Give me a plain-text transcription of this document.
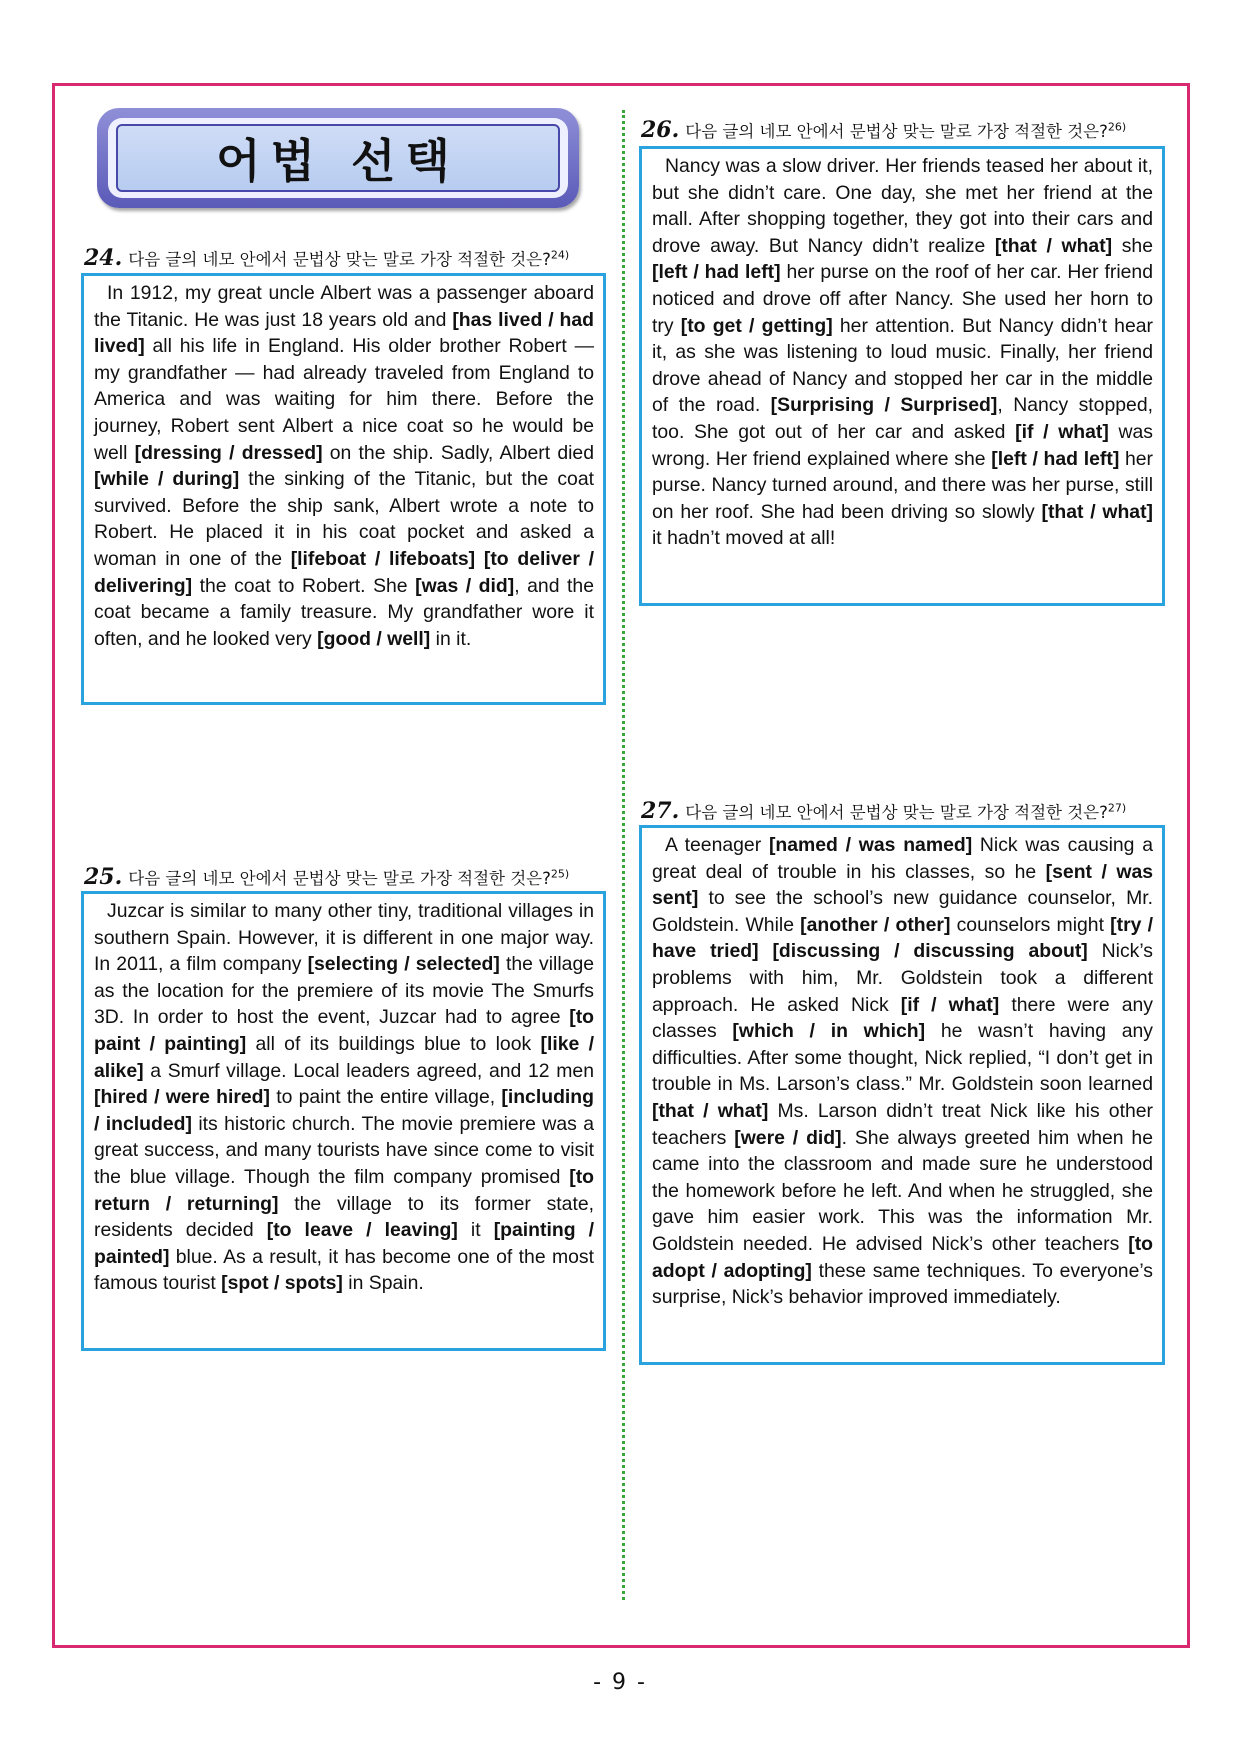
어법 선택
24. 다음 글의 네모 안에서 문법상 맞는 말로 가장 적절한 것은?$^{24)}$

In 1912, my great uncle Albert was a passenger aboard the Titanic. He was just 18 years old and [has lived / had lived] all his life in England. His older brother Robert — my grandfather — had already traveled from England to America and was waiting for him there. Before the journey, Robert sent Albert a nice coat so he would be well [dressing / dressed] on the ship. Sadly, Albert died [while / during] the sinking of the Titanic, but the coat survived. Before the ship sank, Albert wrote a note to Robert. He placed it in his coat pocket and asked a woman in one of the [lifeboat / lifeboats] [to deliver / delivering] the coat to Robert. She [was / did], and the coat became a family treasure. My grandfather wore it often, and he looked very [good / well] in it.

25. 다음 글의 네모 안에서 문법상 맞는 말로 가장 적절한 것은?$^{25)}$

Juzcar is similar to many other tiny, traditional villages in southern Spain. However, it is different in one major way. In 2011, a film company [selecting / selected] the village as the location for the premiere of its movie The Smurfs 3D. In order to host the event, Juzcar had to agree [to paint / painting] all of its buildings blue to look [like / alike] a Smurf village. Local leaders agreed, and 12 men [hired / were hired] to paint the entire village, [including / included] its historic church. The movie premiere was a great success, and many tourists have since come to visit the blue village. Though the film company promised [to return / returning] the village to its former state, residents decided [to leave / leaving] it [painting / painted] blue. As a result, it has become one of the most famous tourist [spot / spots] in Spain.

26. 다음 글의 네모 안에서 문법상 맞는 말로 가장 적절한 것은?$^{26)}$

Nancy was a slow driver. Her friends teased her about it, but she didn’t care. One day, she met her friend at the mall. After shopping together, they got into their cars and drove away. But Nancy didn’t realize [that / what] she [left / had left] her purse on the roof of her car. Her friend noticed and drove off after Nancy. She used her horn to try [to get / getting] her attention. But Nancy didn’t hear it, as she was listening to loud music. Finally, her friend drove ahead of Nancy and stopped her car in the middle of the road. [Surprising / Surprised], Nancy stopped, too. She got out of her car and asked [if / what] was wrong. Her friend explained where she [left / had left] her purse. Nancy turned around, and there was her purse, still on her roof. She had been driving so slowly [that / what] it hadn’t moved at all!

27. 다음 글의 네모 안에서 문법상 맞는 말로 가장 적절한 것은?$^{27)}$

A teenager [named / was named] Nick was causing a great deal of trouble in his classes, so he [sent / was sent] to see the school’s new guidance counselor, Mr. Goldstein. While [another / other] counselors might [try / have tried] [discussing / discussing about] Nick’s problems with him, Mr. Goldstein took a different approach. He asked Nick [if / what] there were any classes [which / in which] he wasn’t having any difficulties. After some thought, Nick replied, “I don’t get in trouble in Ms. Larson’s class.” Mr. Goldstein soon learned [that / what] Ms. Larson didn’t treat Nick like his other teachers [were / did]. She always greeted him when he came into the classroom and made sure he understood the homework before he left. And when he struggled, she gave him easier work. This was the information Mr. Goldstein needed. He advised Nick’s other teachers [to adopt / adopting] these same techniques. To everyone’s surprise, Nick’s behavior improved immediately.

- 9 -
